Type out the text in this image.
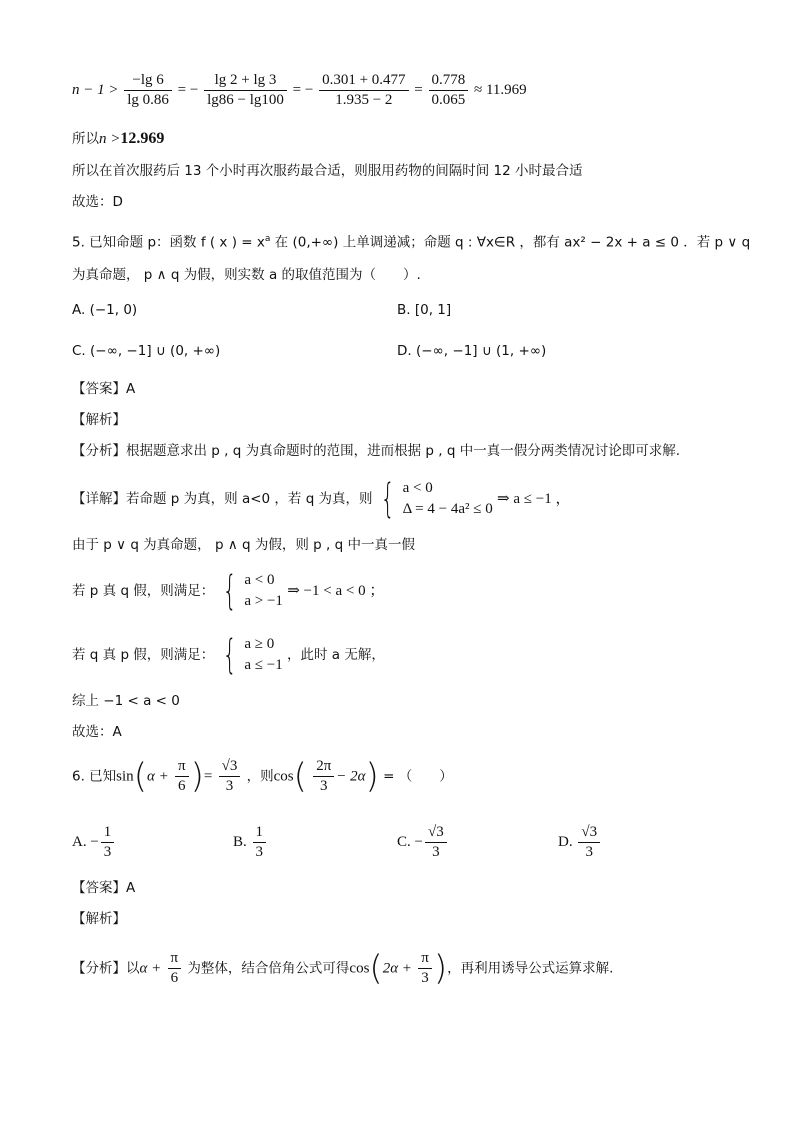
$n - 1 > \frac{-\lg 6}{\lg 0.86}$ = − $\frac{\lg 2 + \lg 3}{\lg 86 - \lg 100}$ = − $\frac{0.301 + 0.477}{1.935 - 2} = \frac{0.778}{0.065} \approx 11.969$
所以n >12.969
所以在首次服药后 13 个小时再次服药最合适，则服用药物的间隔时间 12 小时最合适
故选：D
5. 已知命题 p：函数 f ( x ) = $x^a$ 在 (0,+∞) 上单调递减；命题 q : ∀x∈R ，都有 ax² − 2x + a ≤ 0 ．若 p ∨ q
为真命题， p ∧ q 为假，则实数 a 的取值范围为（　　）.
A. (−1, 0)	B. [0, 1]
C. (−∞, −1] ∪ (0, +∞)	D. (−∞, −1] ∪ (1, +∞)
【答案】A
【解析】
【分析】根据题意求出 p , q 为真命题时的范围，进而根据 p , q 中一真一假分两类情况讨论即可求解.
【详解】若命题 p 为真，则 a<0 ，若 q 为真，则 { a < 0
Δ = 4 − 4a² ≤ 0
⇒ a ≤ −1 ，
由于 p ∨ q 为真命题， p ∧ q 为假，则 p , q 中一真一假
若 p 真 q 假，则满足： { a < 0
a > −1
⇒ −1 < a < 0 ；
若 q 真 p 假，则满足： { a ≥ 0
a ≤ −1
，此时 a 无解，
综上 −1 < a < 0
故选：A
6. 已知$\sin(\alpha + \frac{\pi}{6}$ )= $\frac{√3}{3}$ ，则$\cos( \frac{2\pi}{3} - 2\alpha)$ = （　　）
A. − $\frac{1}{3}$	B. $\frac{1}{3}$	C. − $\frac{√3}{3}$	D. $\frac{√3}{3}$
【答案】A
【解析】
【分析】以$\alpha + \frac{\pi}{6}$ 为整体，结合倍角公式可得$\cos(2\alpha + \frac{\pi}{3}$ )，再利用诱导公式运算求解.
